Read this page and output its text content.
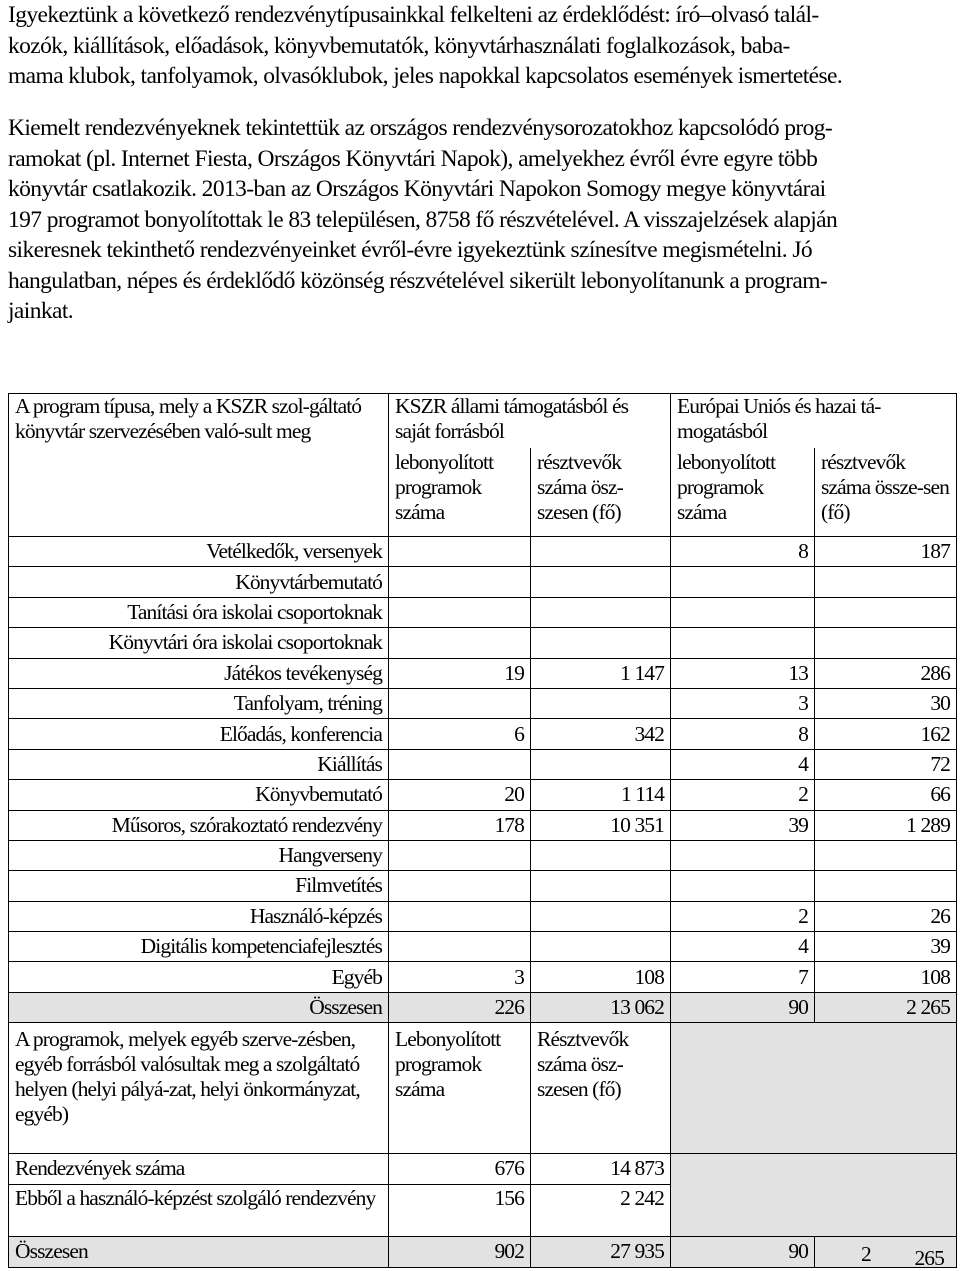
Igyekeztünk a következő rendezvénytípusainkkal felkelteni az érdeklődést: író–olvasó talál-
kozók, kiállítások, előadások, könyvbemutatók, könyvtárhasználati foglalkozások, baba-
mama klubok, tanfolyamok, olvasóklubok, jeles napokkal kapcsolatos események ismertetése.
Kiemelt rendezvényeknek tekintettük az országos rendezvénysorozatokhoz kapcsolódó prog-
ramokat (pl. Internet Fiesta, Országos Könyvtári Napok), amelyekhez évről évre egyre több
könyvtár csatlakozik. 2013-ban az Országos Könyvtári Napokon Somogy megye könyvtárai
197 programot bonyolítottak le 83 településen, 8758 fő részvételével. A visszajelzések alapján
sikeresnek tekinthető rendezvényeinket évről-évre igyekeztünk színesítve megismételni. Jó
hangulatban, népes és érdeklődő közönség részvételével sikerült lebonyolítanunk a program-
jainkat.
A program típusa, mely a KSZR szol-gáltató könyvtár szervezésében való-sult meg	KSZR állami támogatásból és saját forrásból		Európai Uniós és hazai tá-mogatásból	
	lebonyolított programok száma	résztvevők száma ösz-szesen (fő)	lebonyolított programok száma	résztvevők száma össze-sen (fő)
Vetélkedők, versenyek			8	187
Könyvtárbemutató				
Tanítási óra iskolai csoportoknak				
Könyvtári óra iskolai csoportoknak				
Játékos tevékenység	19	1 147	13	286
Tanfolyam, tréning			3	30
Előadás, konferencia	6	342	8	162
Kiállítás			4	72
Könyvbemutató	20	1 114	2	66
Műsoros, szórakoztató rendezvény	178	10 351	39	1 289
Hangverseny				
Filmvetítés				
Használó-képzés			2	26
Digitális kompetenciafejlesztés			4	39
Egyéb	3	108	7	108
Összesen	226	13 062	90	2 265
A programok, melyek egyéb szerve-zésben, egyéb forrásból valósultak meg a szolgáltató helyen (helyi pályá-zat, helyi önkormányzat, egyéb)	Lebonyolított programok száma	Résztvevők száma ösz-szesen (fő)		
Rendezvények száma	676	14 873		
Ebből a használó-képzést szolgáló rendezvény	156	2 242		
Összesen	902	27 935	90	2 265
